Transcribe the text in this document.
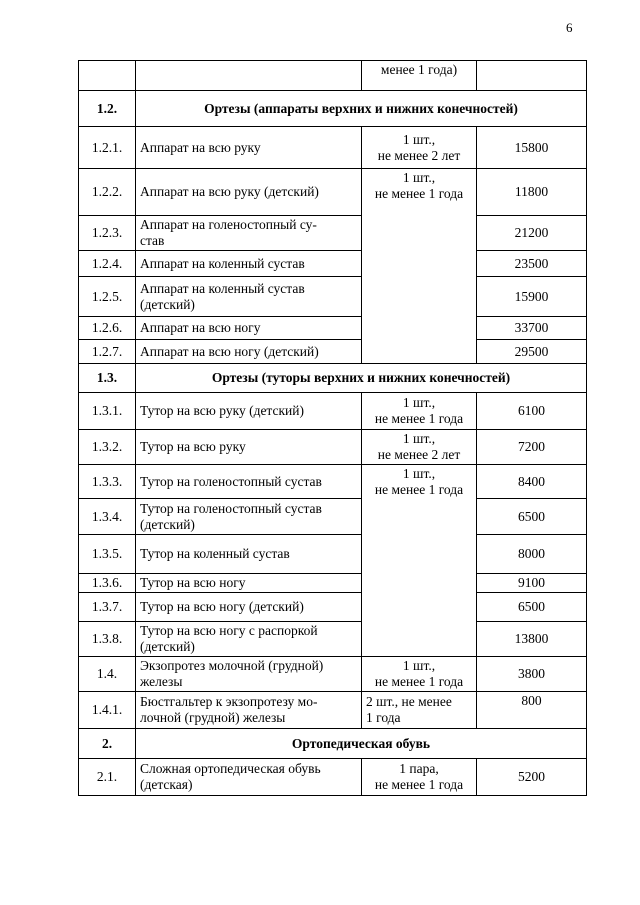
6
		менее 1 года)	
1.2.	Ортезы (аппараты верхних и нижних конечностей)		
1.2.1.	Аппарат на всю руку	1 шт.,
не менее 2 лет	15800
1.2.2.	Аппарат на всю руку (детский)	1 шт.,
не менее 1 года	11800
1.2.3.	Аппарат на голеностопный су-
став		21200
1.2.4.	Аппарат на коленный сустав		23500
1.2.5.	Аппарат на коленный сустав
(детский)		15900
1.2.6.	Аппарат на всю ногу		33700
1.2.7.	Аппарат на всю ногу (детский)		29500
1.3.	Ортезы (туторы верхних и нижних конечностей)		
1.3.1.	Тутор на всю руку (детский)	1 шт.,
не менее 1 года	6100
1.3.2.	Тутор на всю руку	1 шт.,
не менее 2 лет	7200
1.3.3.	Тутор на голеностопный сустав	1 шт.,
не менее 1 года	8400
1.3.4.	Тутор на голеностопный сустав
(детский)		6500
1.3.5.	Тутор на коленный сустав		8000
1.3.6.	Тутор на всю ногу		9100
1.3.7.	Тутор на всю ногу (детский)		6500
1.3.8.	Тутор на всю ногу с распоркой
(детский)		13800
1.4.	Экзопротез молочной (грудной)
железы	1 шт.,
не менее 1 года	3800
1.4.1.	Бюстгальтер к экзопротезу мо-
лочной (грудной) железы	2 шт., не менее
1 года	800
2.	Ортопедическая обувь		
2.1.	Сложная ортопедическая обувь
(детская)	1 пара,
не менее 1 года	5200
